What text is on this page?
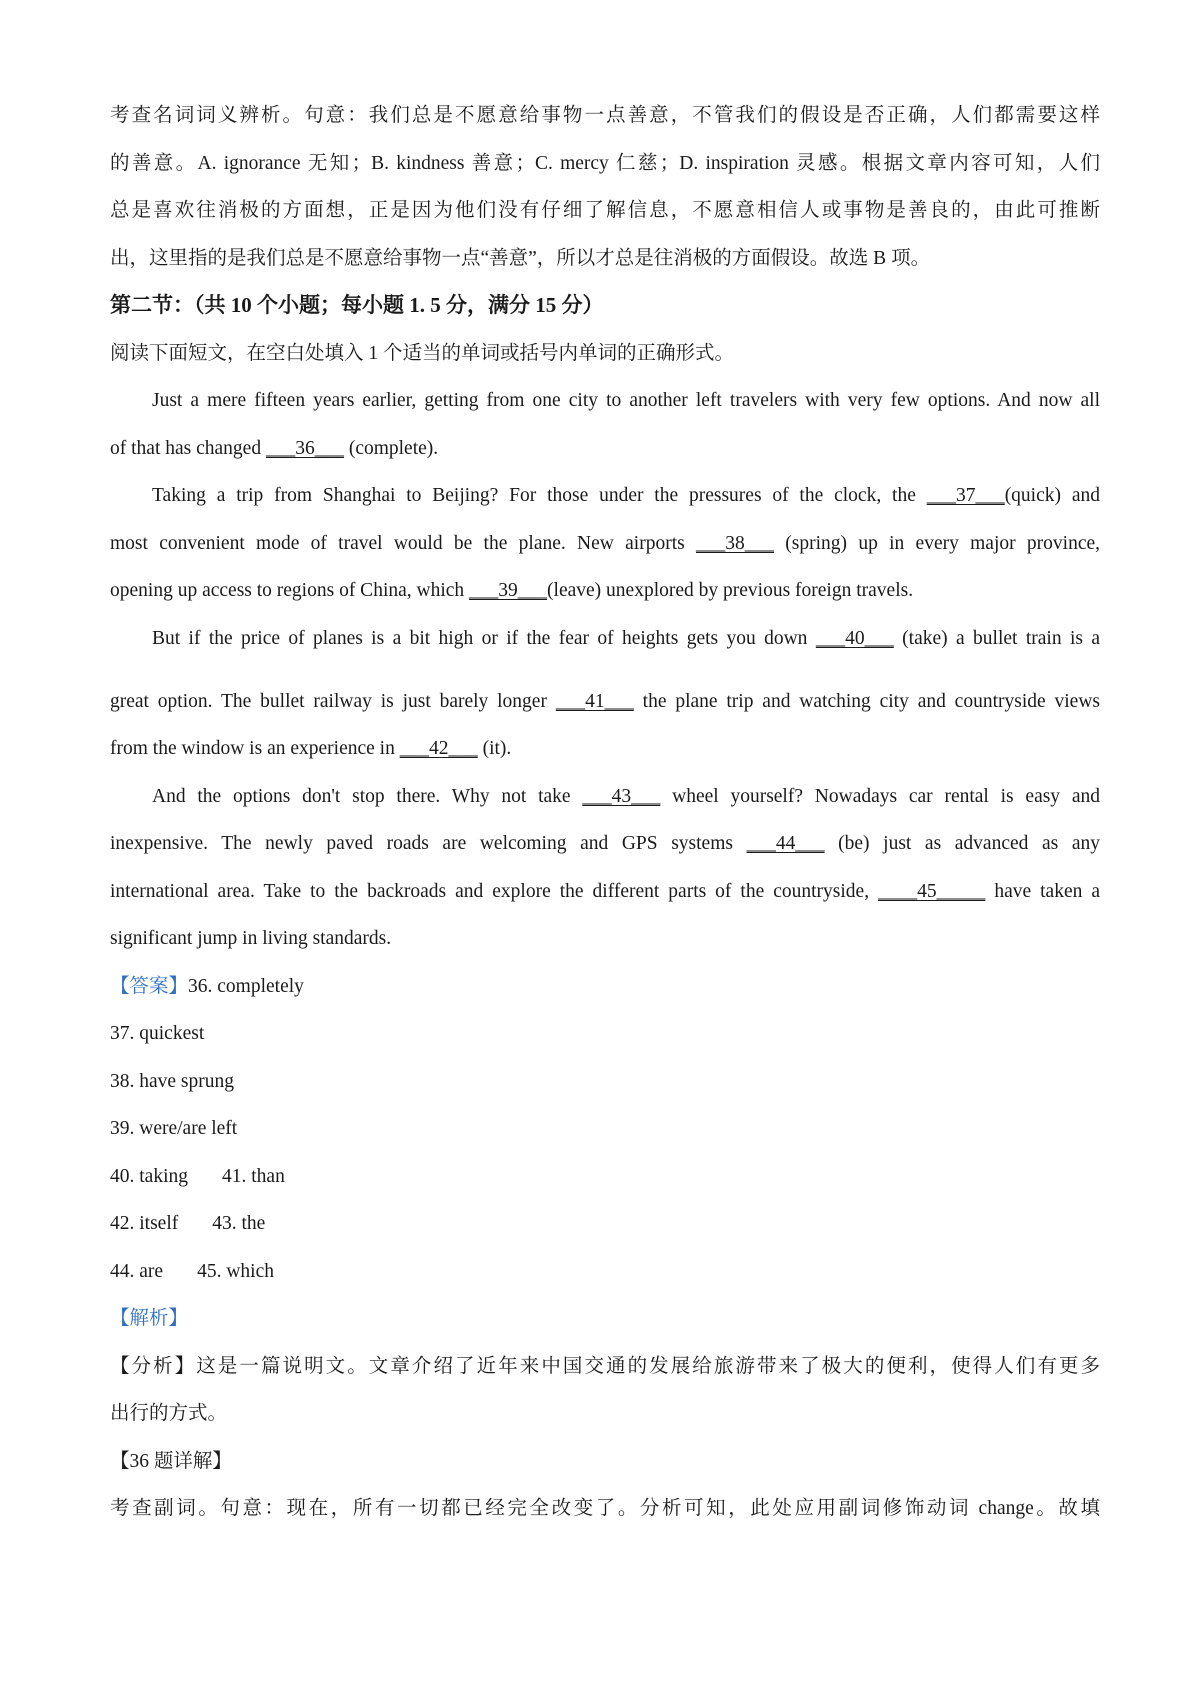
考查名词词义辨析。句意：我们总是不愿意给事物一点善意，不管我们的假设是否正确，人们都需要这样
的善意。A. ignorance 无知；B. kindness 善意；C. mercy 仁慈；D. inspiration 灵感。根据文章内容可知，人们
总是喜欢往消极的方面想，正是因为他们没有仔细了解信息，不愿意相信人或事物是善良的，由此可推断
出，这里指的是我们总是不愿意给事物一点“善意”，所以才总是往消极的方面假设。故选 B 项。
第二节：（共 10 个小题；每小题 1. 5 分，满分 15 分）
阅读下面短文，在空白处填入 1 个适当的单词或括号内单词的正确形式。
Just a mere fifteen years earlier, getting from one city to another left travelers with very few options. And now all
of that has changed ___36___ (complete).
Taking a trip from Shanghai to Beijing? For those under the pressures of the clock, the ___37___(quick) and
most convenient mode of travel would be the plane. New airports ___38___ (spring) up in every major province,
opening up access to regions of China, which ___39___(leave) unexplored by previous foreign travels.
But if the price of planes is a bit high or if the fear of heights gets you down ___40___ (take) a bullet train is a
great option. The bullet railway is just barely longer ___41___ the plane trip and watching city and countryside views
from the window is an experience in ___42___ (it).
And the options don't stop there. Why not take ___43___ wheel yourself? Nowadays car rental is easy and
inexpensive. The newly paved roads are welcoming and GPS systems ___44___ (be) just as advanced as any
international area. Take to the backroads and explore the different parts of the countryside, ____45_____ have taken a
significant jump in living standards.
【答案】36. completely
37. quickest
38. have sprung
39. were/are left
40. taking 41. than
42. itself 43. the
44. are 45. which
【解析】
【分析】这是一篇说明文。文章介绍了近年来中国交通的发展给旅游带来了极大的便利，使得人们有更多
出行的方式。
【36 题详解】
考查副词。句意：现在，所有一切都已经完全改变了。分析可知，此处应用副词修饰动词 change。故填
